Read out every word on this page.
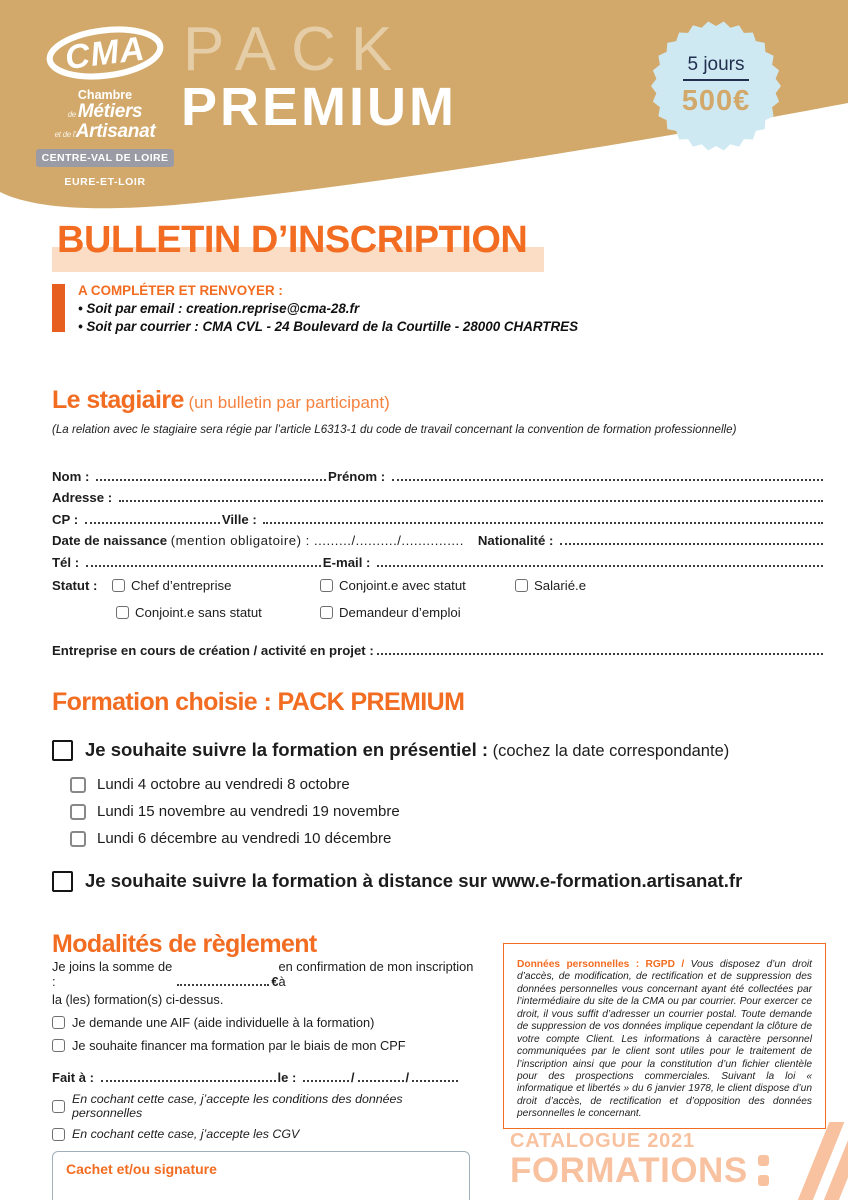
CMA
Chambre
de Métiers
et de l’Artisanat
CENTRE-VAL DE LOIRE
EURE-ET-LOIR
PACK
PREMIUM
5 jours
500€
BULLETIN D’INSCRIPTION
A COMPLÉTER ET RENVOYER :
• Soit par email : creation.reprise@cma-28.fr
• Soit par courrier : CMA CVL - 24 Boulevard de la Courtille - 28000 CHARTRES
Le stagiaire (un bulletin par participant)
(La relation avec le stagiaire sera régie par l’article L6313-1 du code de travail concernant la convention de formation professionnelle)
Nom :	Prénom :
Adresse :
CP :	Ville :
Date de naissance (mention obligatoire) : ........./........../............... Nationalité :
Tél :	E-mail :
Statut :	Chef d’entreprise	Conjoint.e avec statut	Salarié.e
Conjoint.e sans statut	Demandeur d’emploi
Entreprise en cours de création / activité en projet :
Formation choisie : PACK PREMIUM
Je souhaite suivre la formation en présentiel : (cochez la date correspondante)
Lundi 4 octobre au vendredi 8 octobre
Lundi 15 novembre au vendredi 19 novembre
Lundi 6 décembre au vendredi 10 décembre
Je souhaite suivre la formation à distance sur www.e-formation.artisanat.fr
Modalités de règlement
Je joins la somme de :	€
en confirmation de mon inscription à
la (les) formation(s) ci-dessus.
Je demande une AIF (aide individuelle à la formation)
Je souhaite financer ma formation par le biais de mon CPF
Fait à :	le :	/	/
En cochant cette case, j’accepte les conditions des données personnelles
En cochant cette case, j’accepte les CGV
Cachet et/ou signature

Données personnelles : RGPD / Vous disposez d’un droit d’accès, de modification, de rectification et de suppression des données personnelles vous concernant ayant été collectées par l’intermédiaire du site de la CMA ou par courrier. Pour exercer ce droit, il vous suffit d’adresser un courrier postal. Toute demande de suppression de vos données implique cependant la clôture de votre compte Client. Les informations à caractère personnel communiquées par le client sont utiles pour le traitement de l’inscription ainsi que pour la constitution d’un fichier clientèle pour des prospections commerciales. Suivant la loi « informatique et libertés » du 6 janvier 1978, le client dispose d’un droit d’accès, de rectification et d’opposition des données personnelles le concernant.

CATALOGUE 2021
FORMATIONS
